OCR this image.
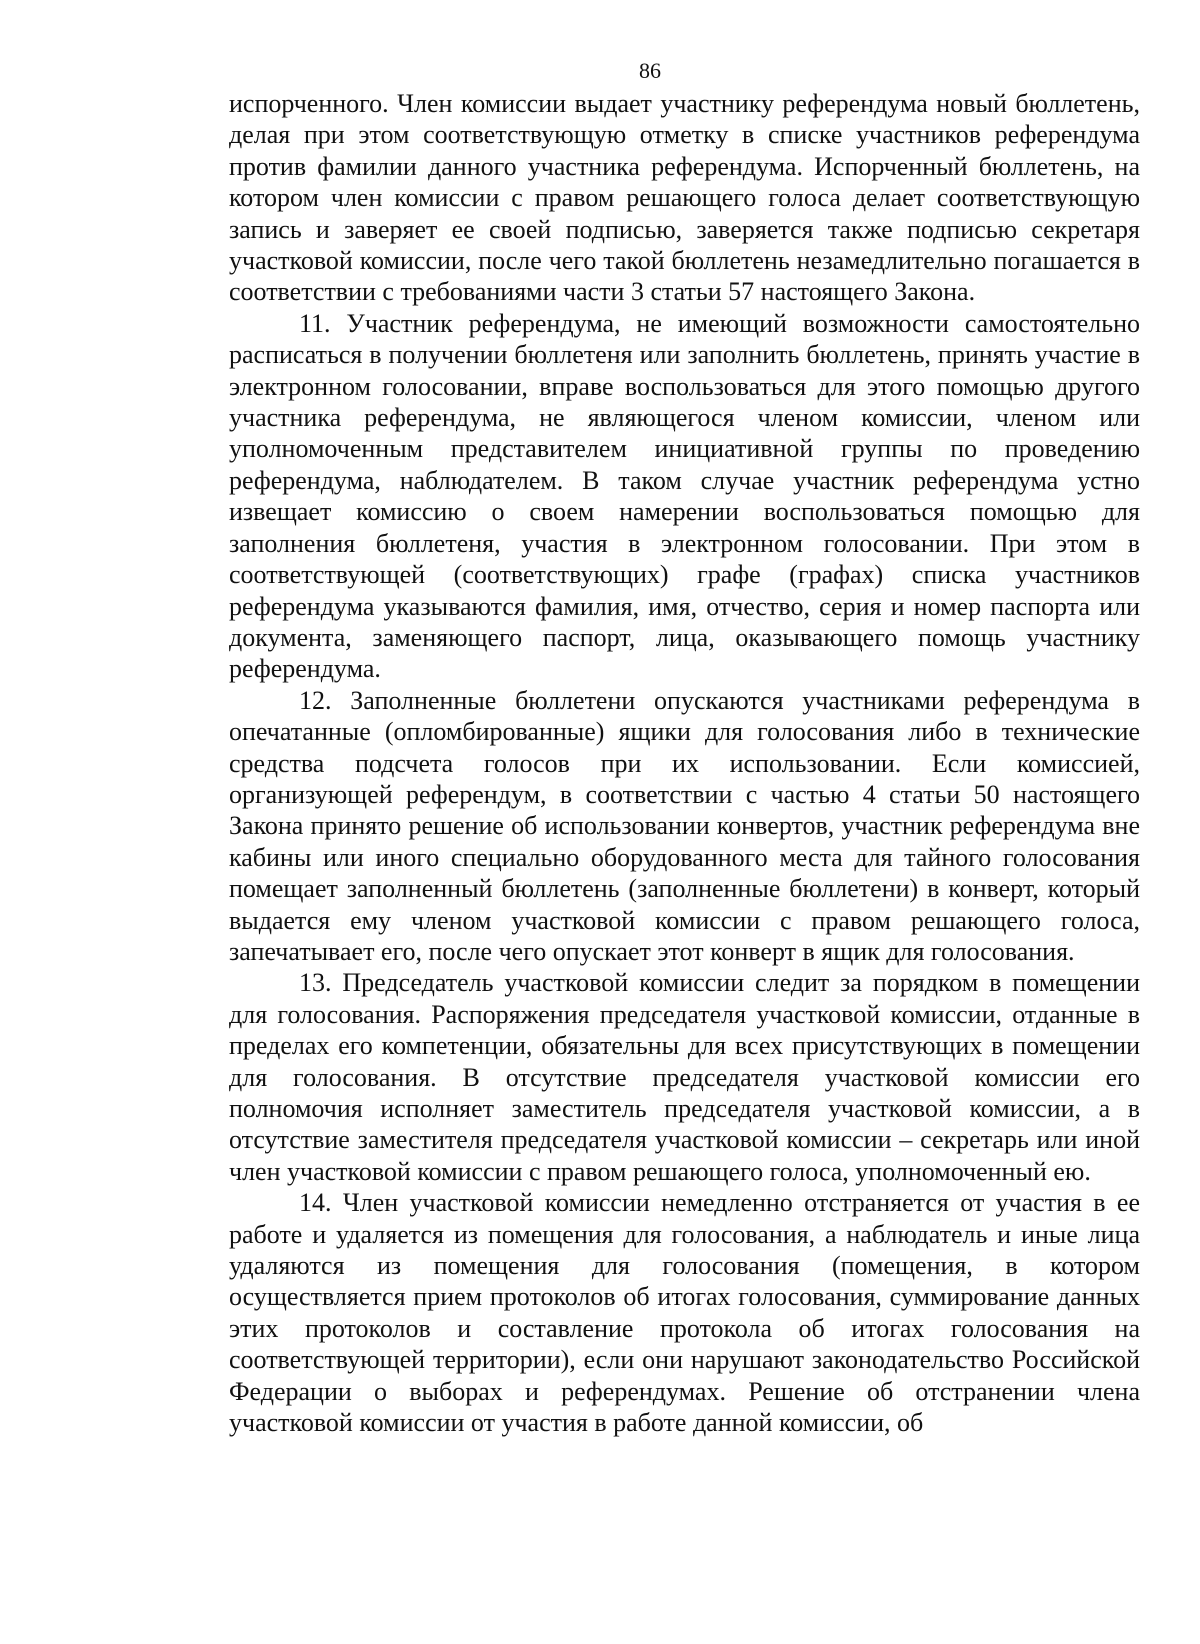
86

испорченного. Член комиссии выдает участнику референдума новый бюллетень, делая при этом соответствующую отметку в списке участников референдума против фамилии данного участника референдума. Испорченный бюллетень, на котором член комиссии с правом решающего голоса делает соответствующую запись и заверяет ее своей подписью, заверяется также подписью секретаря участковой комиссии, после чего такой бюллетень незамедлительно погашается в соответствии с требованиями части 3 статьи 57 настоящего Закона.

11. Участник референдума, не имеющий возможности самостоятельно расписаться в получении бюллетеня или заполнить бюллетень, принять участие в электронном голосовании, вправе воспользоваться для этого помощью другого участника референдума, не являющегося членом комиссии, членом или уполномоченным представителем инициативной группы по проведению референдума, наблюдателем. В таком случае участник референдума устно извещает комиссию о своем намерении воспользоваться помощью для заполнения бюллетеня, участия в электронном голосовании. При этом в соответствующей (соответствующих) графе (графах) списка участников референдума указываются фамилия, имя, отчество, серия и номер паспорта или документа, заменяющего паспорт, лица, оказывающего помощь участнику референдума.

12. Заполненные бюллетени опускаются участниками референдума в опечатанные (опломбированные) ящики для голосования либо в технические средства подсчета голосов при их использовании. Если комиссией, организующей референдум, в соответствии с частью 4 статьи 50 настоящего Закона принято решение об использовании конвертов, участник референдума вне кабины или иного специально оборудованного места для тайного голосования помещает заполненный бюллетень (заполненные бюллетени) в конверт, который выдается ему членом участковой комиссии с правом решающего голоса, запечатывает его, после чего опускает этот конверт в ящик для голосования.

13. Председатель участковой комиссии следит за порядком в помещении для голосования. Распоряжения председателя участковой комиссии, отданные в пределах его компетенции, обязательны для всех присутствующих в помещении для голосования. В отсутствие председателя участковой комиссии его полномочия исполняет заместитель председателя участковой комиссии, а в отсутствие заместителя председателя участковой комиссии – секретарь или иной член участковой комиссии с правом решающего голоса, уполномоченный ею.

14. Член участковой комиссии немедленно отстраняется от участия в ее работе и удаляется из помещения для голосования, а наблюдатель и иные лица удаляются из помещения для голосования (помещения, в котором осуществляется прием протоколов об итогах голосования, суммирование данных этих протоколов и составление протокола об итогах голосования на соответствующей территории), если они нарушают законодательство Российской Федерации о выборах и референдумах. Решение об отстранении члена участковой комиссии от участия в работе данной комиссии, об
